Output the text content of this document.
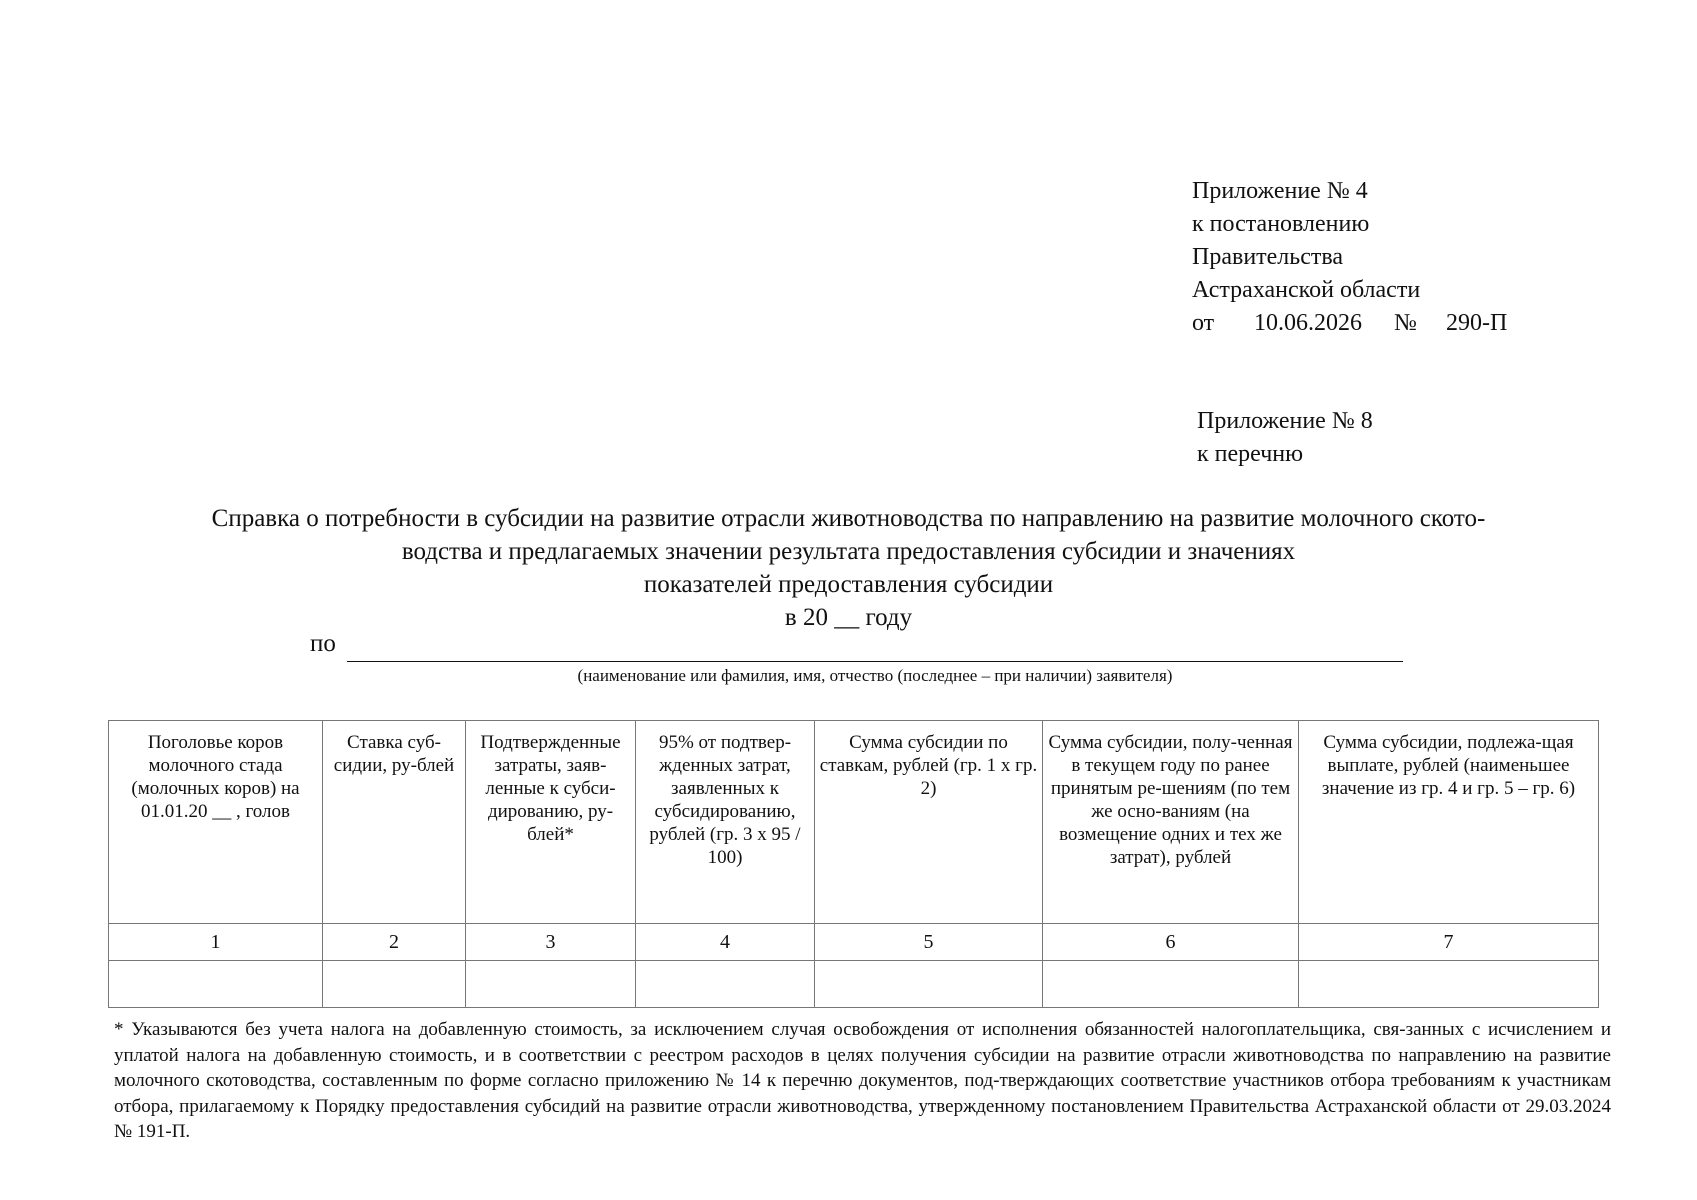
Приложение № 4
к постановлению
Правительства
Астраханской области
от 10.06.2026 № 290-П
Приложение № 8
к перечню
Справка о потребности в субсидии на развитие отрасли животноводства по направлению на развитие молочного ското-
водства и предлагаемых значении результата предоставления субсидии и значениях
показателей предоставления субсидии
в 20 __ году
по
(наименование или фамилия, имя, отчество (последнее – при наличии) заявителя)
Поголовье коров молочного стада (молочных коров) на 01.01.20 __ , голов	Ставка суб-сидии, ру-блей	Подтвержденные затраты, заяв-ленные к субси-дированию, ру-блей*	95% от подтвер-жденных затрат, заявленных к субсидированию, рублей (гр. 3 х 95 / 100)	Сумма субсидии по ставкам, рублей (гр. 1 х гр. 2)	Сумма субсидии, полу-ченная в текущем году по ранее принятым ре-шениям (по тем же осно-ваниям (на возмещение одних и тех же затрат), рублей	Сумма субсидии, подлежа-щая выплате, рублей (наименьшее значение из гр. 4 и гр. 5 – гр. 6)
1	2	3	4	5	6	7

* Указываются без учета налога на добавленную стоимость, за исключением случая освобождения от исполнения обязанностей налогоплательщика, свя-занных с исчислением и уплатой налога на добавленную стоимость, и в соответствии с реестром расходов в целях получения субсидии на развитие отрасли животноводства по направлению на развитие молочного скотоводства, составленным по форме согласно приложению № 14 к перечню документов, под-тверждающих соответствие участников отбора требованиям к участникам отбора, прилагаемому к Порядку предоставления субсидий на развитие отрасли животноводства, утвержденному постановлением Правительства Астраханской области от 29.03.2024 № 191-П.
